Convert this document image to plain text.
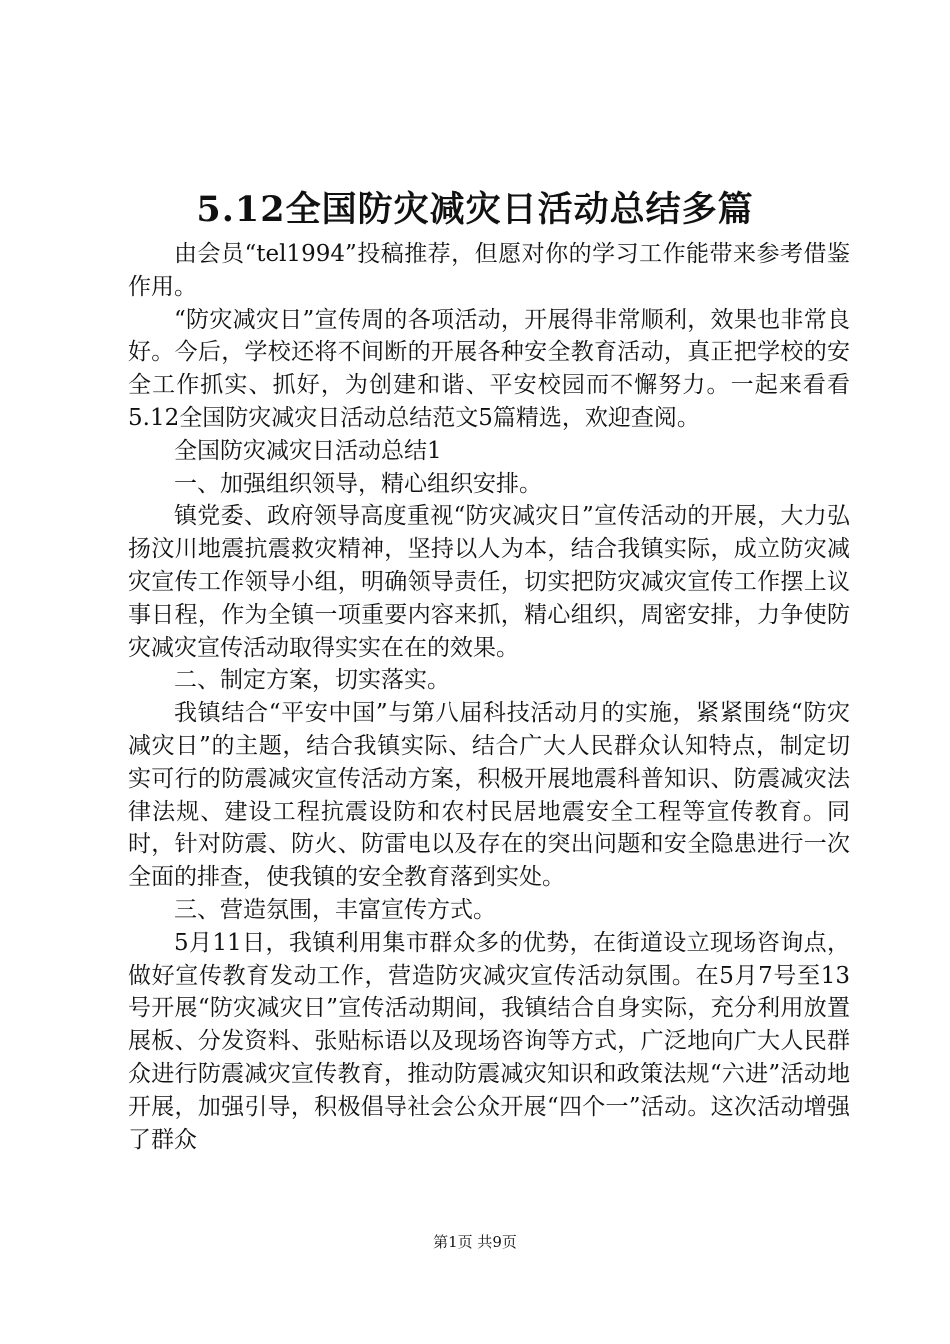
5.12全国防灾减灾日活动总结多篇

由会员“tel1994”投稿推荐，但愿对你的学习工作能带来参考借鉴作用。

“防灾减灾日”宣传周的各项活动，开展得非常顺利，效果也非常良好。今后，学校还将不间断的开展各种安全教育活动，真正把学校的安全工作抓实、抓好，为创建和谐、平安校园而不懈努力。一起来看看5.12全国防灾减灾日活动总结范文5篇精选，欢迎查阅。

全国防灾减灾日活动总结1

一、加强组织领导，精心组织安排。

镇党委、政府领导高度重视“防灾减灾日”宣传活动的开展，大力弘扬汶川地震抗震救灾精神，坚持以人为本，结合我镇实际，成立防灾减灾宣传工作领导小组，明确领导责任，切实把防灾减灾宣传工作摆上议事日程，作为全镇一项重要内容来抓，精心组织，周密安排，力争使防灾减灾宣传活动取得实实在在的效果。

二、制定方案，切实落实。

我镇结合“平安中国”与第八届科技活动月的实施，紧紧围绕“防灾减灾日”的主题，结合我镇实际、结合广大人民群众认知特点，制定切实可行的防震减灾宣传活动方案，积极开展地震科普知识、防震减灾法律法规、建设工程抗震设防和农村民居地震安全工程等宣传教育。同时，针对防震、防火、防雷电以及存在的突出问题和安全隐患进行一次全面的排查，使我镇的安全教育落到实处。

三、营造氛围，丰富宣传方式。

5月11日，我镇利用集市群众多的优势，在街道设立现场咨询点，做好宣传教育发动工作，营造防灾减灾宣传活动氛围。在5月7号至13号开展“防灾减灾日”宣传活动期间，我镇结合自身实际，充分利用放置展板、分发资料、张贴标语以及现场咨询等方式，广泛地向广大人民群众进行防震减灾宣传教育，推动防震减灾知识和政策法规“六进”活动地开展，加强引导，积极倡导社会公众开展“四个一”活动。这次活动增强了群众

第1页 共9页
